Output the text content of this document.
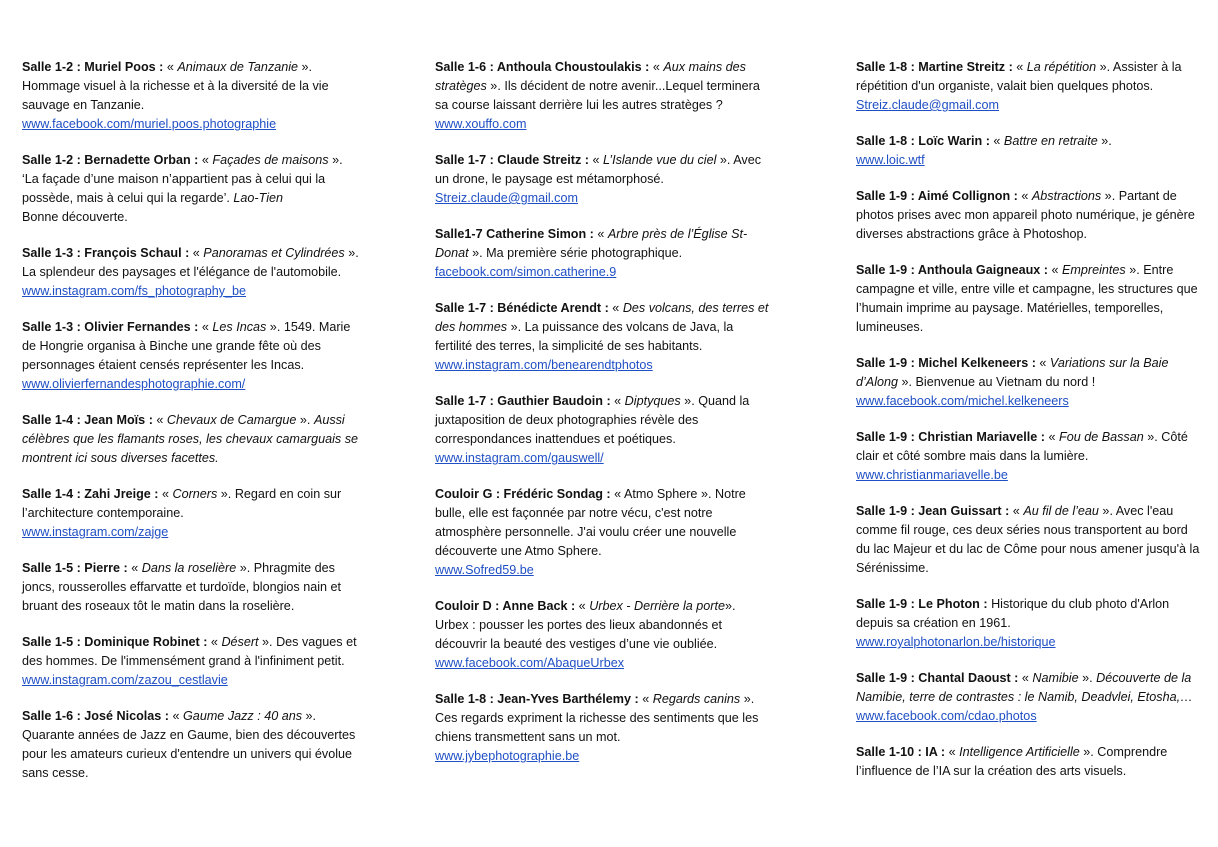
Salle 1-2 : Muriel Poos : « Animaux de Tanzanie ». Hommage visuel à la richesse et à la diversité de la vie sauvage en Tanzanie.
www.facebook.com/muriel.poos.photographie
Salle 1-2 : Bernadette Orban : « Façades de maisons ». ‘La façade d’une maison n’appartient pas à celui qui la possède, mais à celui qui la regarde’. Lao-Tien
Bonne découverte.
Salle 1-3 : François Schaul : « Panoramas et Cylindrées ». La splendeur des paysages et l'élégance de l'automobile.
www.instagram.com/fs_photography_be
Salle 1-3 : Olivier Fernandes : « Les Incas ». 1549. Marie de Hongrie organisa à Binche une grande fête où des personnages étaient censés représenter les Incas.
www.olivierfernandesphotographie.com/
Salle 1-4 : Jean Moïs : « Chevaux de Camargue ». Aussi célèbres que les flamants roses, les chevaux camarguais se montrent ici sous diverses facettes.
Salle 1-4 : Zahi Jreige : « Corners ». Regard en coin sur l’architecture contemporaine.
www.instagram.com/zajge
Salle 1-5 : Pierre : « Dans la roselière ». Phragmite des joncs, rousserolles effarvatte et turdoïde, blongios nain et bruant des roseaux tôt le matin dans la roselière.
Salle 1-5 : Dominique Robinet : « Désert ». Des vagues et des hommes. De l'immensément grand à l'infiniment petit.
www.instagram.com/zazou_cestlavie
Salle 1-6 : José Nicolas : « Gaume Jazz : 40 ans ». Quarante années de Jazz en Gaume, bien des découvertes pour les amateurs curieux d'entendre un univers qui évolue sans cesse.
Salle 1-6 : Anthoula Choustoulakis : « Aux mains des stratèges ». Ils décident de notre avenir...Lequel terminera sa course laissant derrière lui les autres stratèges ?
www.xouffo.com
Salle 1-7 : Claude Streitz : « L’Islande vue du ciel ». Avec un drone, le paysage est métamorphosé.
Streiz.claude@gmail.com
Salle1-7 Catherine Simon : « Arbre près de l’Église St-Donat ». Ma première série photographique.
facebook.com/simon.catherine.9
Salle 1-7 : Bénédicte Arendt : « Des volcans, des terres et des hommes ». La puissance des volcans de Java, la fertilité des terres, la simplicité de ses habitants.
www.instagram.com/benearendtphotos
Salle 1-7 : Gauthier Baudoin : « Diptyques ». Quand la juxtaposition de deux photographies révèle des correspondances inattendues et poétiques.
www.instagram.com/gauswell/
Couloir G : Frédéric Sondag : « Atmo Sphere ». Notre bulle, elle est façonnée par notre vécu, c'est notre atmosphère personnelle. J'ai voulu créer une nouvelle découverte une Atmo Sphere.
www.Sofred59.be
Couloir D : Anne Back : « Urbex - Derrière la porte». Urbex : pousser les portes des lieux abandonnés et découvrir la beauté des vestiges d’une vie oubliée.
www.facebook.com/AbaqueUrbex
Salle 1-8 : Jean-Yves Barthélemy : « Regards canins ». Ces regards expriment la richesse des sentiments que les chiens transmettent sans un mot.
www.jybephotographie.be
Salle 1-8 : Martine Streitz : « La répétition ». Assister à la répétition d'un organiste, valait bien quelques photos.
Streiz.claude@gmail.com
Salle 1-8 : Loïc Warin : « Battre en retraite ».
www.loic.wtf
Salle 1-9 : Aimé Collignon : « Abstractions ». Partant de photos prises avec mon appareil photo numérique, je génère diverses abstractions grâce à Photoshop.
Salle 1-9 : Anthoula Gaigneaux : « Empreintes ». Entre campagne et ville, entre ville et campagne, les structures que l’humain imprime au paysage. Matérielles, temporelles, lumineuses.
Salle 1-9 : Michel Kelkeneers : « Variations sur la Baie d’Along ». Bienvenue au Vietnam du nord !
www.facebook.com/michel.kelkeneers
Salle 1-9 : Christian Mariavelle : « Fou de Bassan ». Côté clair et côté sombre mais dans la lumière.
www.christianmariavelle.be
Salle 1-9 : Jean Guissart : « Au fil de l’eau ». Avec l'eau comme fil rouge, ces deux séries nous transportent au bord du lac Majeur et du lac de Côme pour nous amener jusqu'à la Sérénissime.
Salle 1-9 : Le Photon : Historique du club photo d'Arlon depuis sa création en 1961.
www.royalphotonarlon.be/historique
Salle 1-9 : Chantal Daoust : « Namibie ». Découverte de la Namibie, terre de contrastes : le Namib, Deadvlei, Etosha,…
www.facebook.com/cdao.photos
Salle 1-10 : IA : « Intelligence Artificielle ». Comprendre l’influence de l’IA sur la création des arts visuels.
